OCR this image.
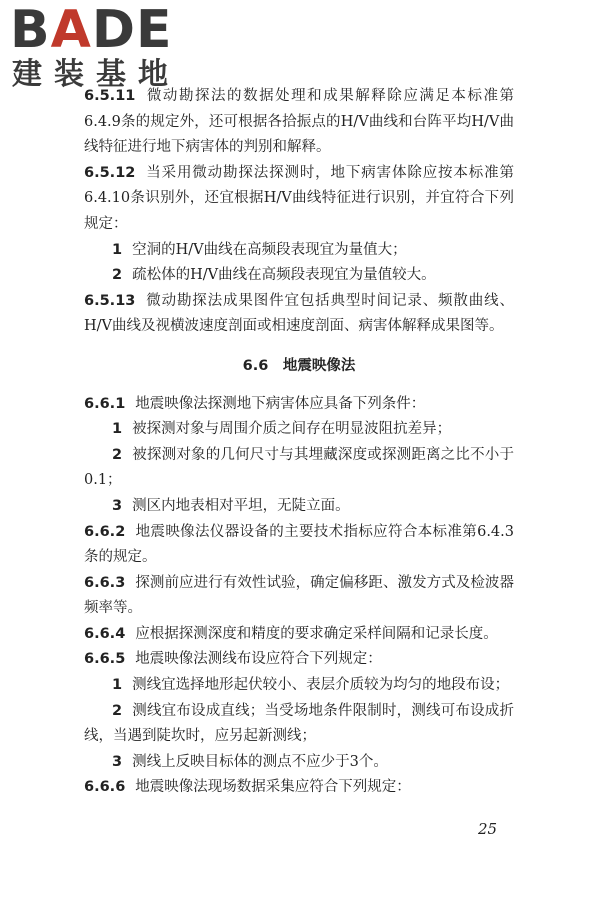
BADE
建装基地

6.5.11 微动勘探法的数据处理和成果解释除应满足本标准第6.4.9条的规定外，还可根据各拾振点的H/V曲线和台阵平均H/V曲线特征进行地下病害体的判别和解释。

6.5.12 当采用微动勘探法探测时，地下病害体除应按本标准第6.4.10条识别外，还宜根据H/V曲线特征进行识别，并宜符合下列规定：

1 空洞的H/V曲线在高频段表现宜为量值大；

2 疏松体的H/V曲线在高频段表现宜为量值较大。

6.5.13 微动勘探法成果图件宜包括典型时间记录、频散曲线、H/V曲线及视横波速度剖面或相速度剖面、病害体解释成果图等。

6.6　地震映像法

6.6.1 地震映像法探测地下病害体应具备下列条件：

1 被探测对象与周围介质之间存在明显波阻抗差异；

2 被探测对象的几何尺寸与其埋藏深度或探测距离之比不小于0.1；

3 测区内地表相对平坦，无陡立面。

6.6.2 地震映像法仪器设备的主要技术指标应符合本标准第6.4.3条的规定。

6.6.3 探测前应进行有效性试验，确定偏移距、激发方式及检波器频率等。

6.6.4 应根据探测深度和精度的要求确定采样间隔和记录长度。

6.6.5 地震映像法测线布设应符合下列规定：

1 测线宜选择地形起伏较小、表层介质较为均匀的地段布设；

2 测线宜布设成直线；当受场地条件限制时，测线可布设成折线，当遇到陡坎时，应另起新测线；

3 测线上反映目标体的测点不应少于3个。

6.6.6 地震映像法现场数据采集应符合下列规定：

25
